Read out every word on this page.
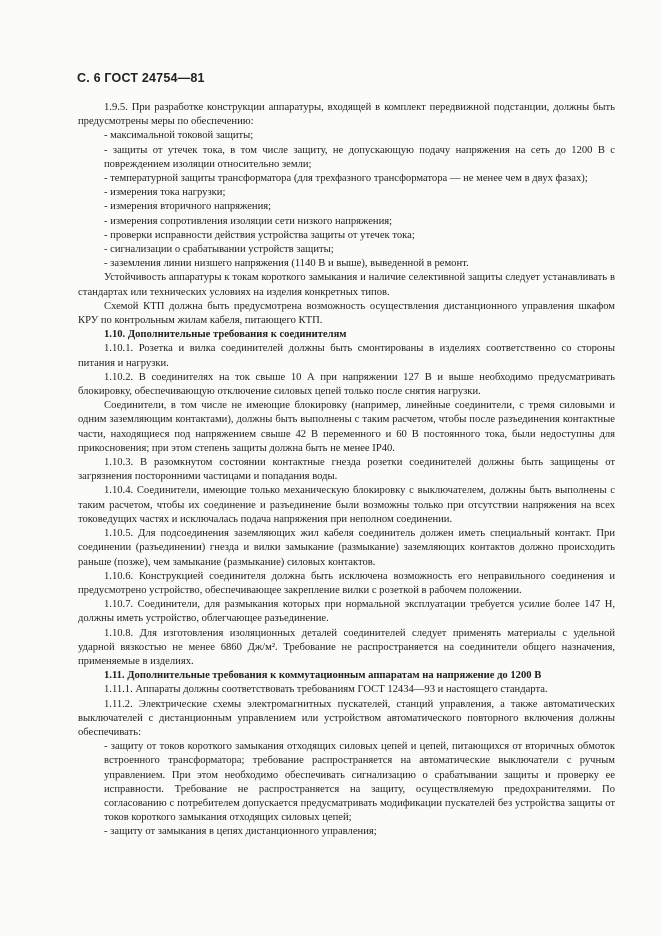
С. 6 ГОСТ 24754—81

1.9.5. При разработке конструкции аппаратуры, входящей в комплект передвижной подстанции, должны быть предусмотрены меры по обеспечению:

- максимальной токовой защиты;

- защиты от утечек тока, в том числе защиту, не допускающую подачу напряжения на сеть до 1200 В с повреждением изоляции относительно земли;

- температурной защиты трансформатора (для трехфазного трансформатора — не менее чем в двух фазах);

- измерения тока нагрузки;

- измерения вторичного напряжения;

- измерения сопротивления изоляции сети низкого напряжения;

- проверки исправности действия устройства защиты от утечек тока;

- сигнализации о срабатывании устройств защиты;

- заземления линии низшего напряжения (1140 В и выше), выведенной в ремонт.

Устойчивость аппаратуры к токам короткого замыкания и наличие селективной защиты следует устанавливать в стандартах или технических условиях на изделия конкретных типов.

Схемой КТП должна быть предусмотрена возможность осуществления дистанционного управления шкафом КРУ по контрольным жилам кабеля, питающего КТП.

1.10. Дополнительные требования к соединителям

1.10.1. Розетка и вилка соединителей должны быть смонтированы в изделиях соответственно со стороны питания и нагрузки.

1.10.2. В соединителях на ток свыше 10 А при напряжении 127 В и выше необходимо предусматривать блокировку, обеспечивающую отключение силовых цепей только после снятия нагрузки.

Соединители, в том числе не имеющие блокировку (например, линейные соединители, с тремя силовыми и одним заземляющим контактами), должны быть выполнены с таким расчетом, чтобы после разъединения контактные части, находящиеся под напряжением свыше 42 В переменного и 60 В постоянного тока, были недоступны для прикосновения; при этом степень защиты должна быть не менее IP40.

1.10.3. В разомкнутом состоянии контактные гнезда розетки соединителей должны быть защищены от загрязнения посторонними частицами и попадания воды.

1.10.4. Соединители, имеющие только механическую блокировку с выключателем, должны быть выполнены с таким расчетом, чтобы их соединение и разъединение были возможны только при отсутствии напряжения на всех токоведущих частях и исключалась подача напряжения при неполном соединении.

1.10.5. Для подсоединения заземляющих жил кабеля соединитель должен иметь специальный контакт. При соединении (разъединении) гнезда и вилки замыкание (размыкание) заземляющих контактов должно происходить раньше (позже), чем замыкание (размыкание) силовых контактов.

1.10.6. Конструкцией соединителя должна быть исключена возможность его неправильного соединения и предусмотрено устройство, обеспечивающее закрепление вилки с розеткой в рабочем положении.

1.10.7. Соединители, для размыкания которых при нормальной эксплуатации требуется усилие более 147 Н, должны иметь устройство, облегчающее разъединение.

1.10.8. Для изготовления изоляционных деталей соединителей следует применять материалы с удельной ударной вязкостью не менее 6860 Дж/м². Требование не распространяется на соединители общего назначения, применяемые в изделиях.

1.11. Дополнительные требования к коммутационным аппаратам на напряжение до 1200 В

1.11.1. Аппараты должны соответствовать требованиям ГОСТ 12434—93 и настоящего стандарта.

1.11.2. Электрические схемы электромагнитных пускателей, станций управления, а также автоматических выключателей с дистанционным управлением или устройством автоматического повторного включения должны обеспечивать:

- защиту от токов короткого замыкания отходящих силовых цепей и цепей, питающихся от вторичных обмоток встроенного трансформатора; требование распространяется на автоматические выключатели с ручным управлением. При этом необходимо обеспечивать сигнализацию о срабатывании защиты и проверку ее исправности. Требование не распространяется на защиту, осуществляемую предохранителями. По согласованию с потребителем допускается предусматривать модификации пускателей без устройства защиты от токов короткого замыкания отходящих силовых цепей;

- защиту от замыкания в цепях дистанционного управления;
